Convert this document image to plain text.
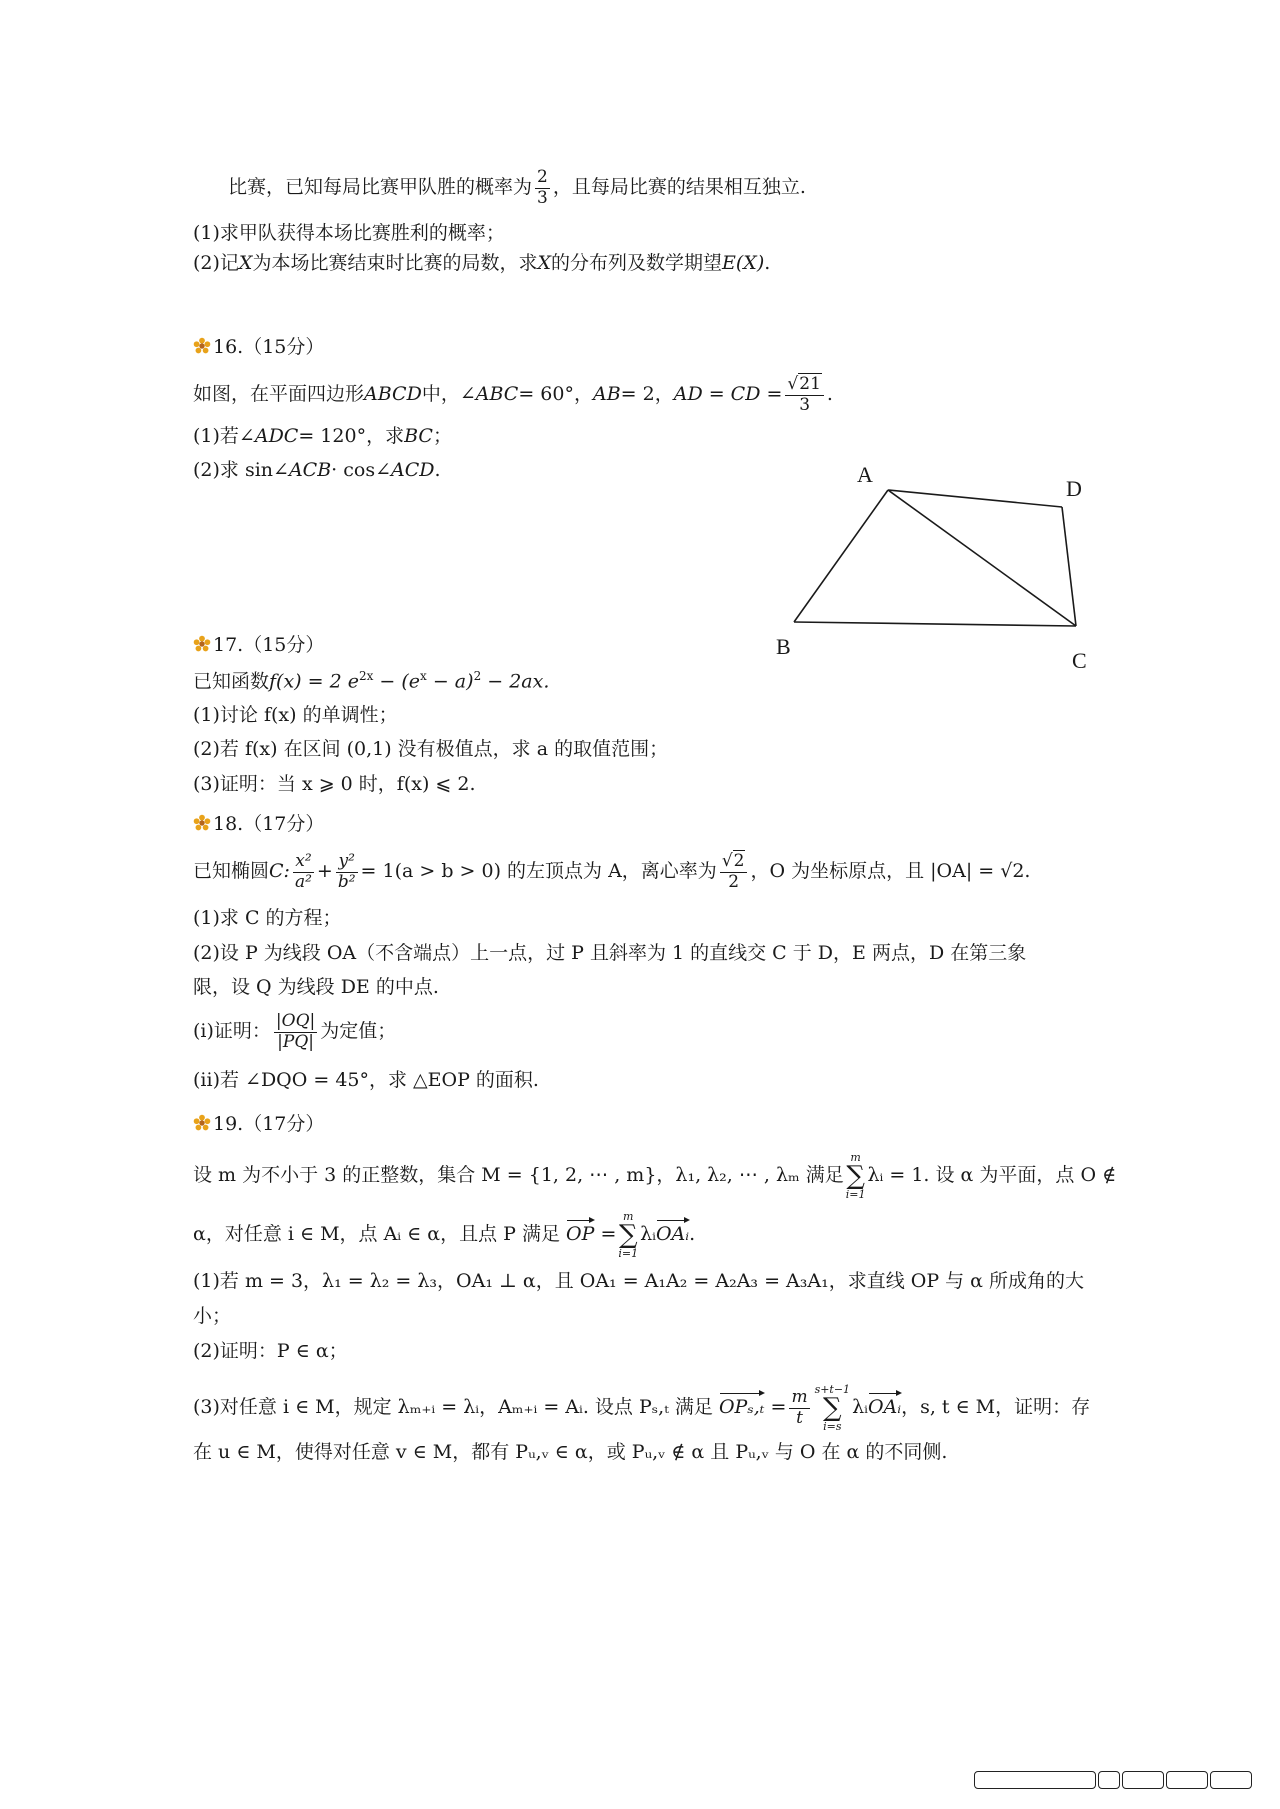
比赛，已知每局比赛甲队胜的概率为 $\frac{2}{3}$ ，且每局比赛的结果相互独立.
(1)求甲队获得本场比赛胜利的概率；
(2)记X为本场比赛结束时比赛的局数，求X的分布列及数学期望E(X).
16.（15分）
如图，在平面四边形ABCD中，∠ABC= 60°，AB= 2，AD = CD = $\frac{√21}{3}$ .
(1)若∠ADC= 120°，求BC；
(2)求 sin∠ACB· cos∠ACD.	A
B
C
D
17.（15分）
已知函数f(x) = 2 $e^{2x} - (e^x - a)^2 - 2ax$.
(1)讨论 f(x) 的单调性；
(2)若 f(x) 在区间 (0,1) 没有极值点，求 a 的取值范围；
(3)证明：当 x ⩾ 0 时，f(x) ⩽ 2.
18.（17分）
已知椭圆C: $\frac{\text{x²}}{\text{a²}} + \frac{\text{y²}}{\text{b²}} = 1(a > b > 0)$ 的左顶点为 A，离心率为 $\frac{√2}{2}$ ，O 为坐标原点，且 |OA| = √2.
(1)求 C 的方程；
(2)设 P 为线段 OA（不含端点）上一点，过 P 且斜率为 1 的直线交 C 于 D，E 两点，D 在第三象
限，设 Q 为线段 DE 的中点.
(i)证明： $\frac{|OQ|}{|PQ|}$ 为定值；
(ii)若 ∠DQO = 45°，求 △EOP 的面积.
19.（17分）
设 m 为不小于 3 的正整数，集合 M = {1, 2, ⋯ , m}，λ₁, λ₂, ⋯ , λₘ 满足
m
∑
i=1
λᵢ = 1. 设 α 为平面，点 O ∉
α，对任意 i ∈ M，点 Aᵢ ∈ α，且点 P 满足 OP =
m
∑
i=1
λᵢOAᵢ.
(1)若 m = 3，λ₁ = λ₂ = λ₃，OA₁ ⊥ α，且 OA₁ = A₁A₂ = A₂A₃ = A₃A₁，求直线 OP 与 α 所成角的大
小；
(2)证明：P ∈ α；
(3)对任意 i ∈ M，规定 λₘ₊ᵢ = λᵢ，Aₘ₊ᵢ = Aᵢ. 设点 Pₛ,ₜ 满足 $OP_s,_t = \frac{m}{t} s+t-1$
∑
i=s
λᵢOAᵢ，s, t ∈ M，证明：存
在 u ∈ M，使得对任意 v ∈ M，都有 Pᵤ,ᵥ ∈ α，或 Pᵤ,ᵥ ∉ α 且 Pᵤ,ᵥ 与 O 在 α 的不同侧.
